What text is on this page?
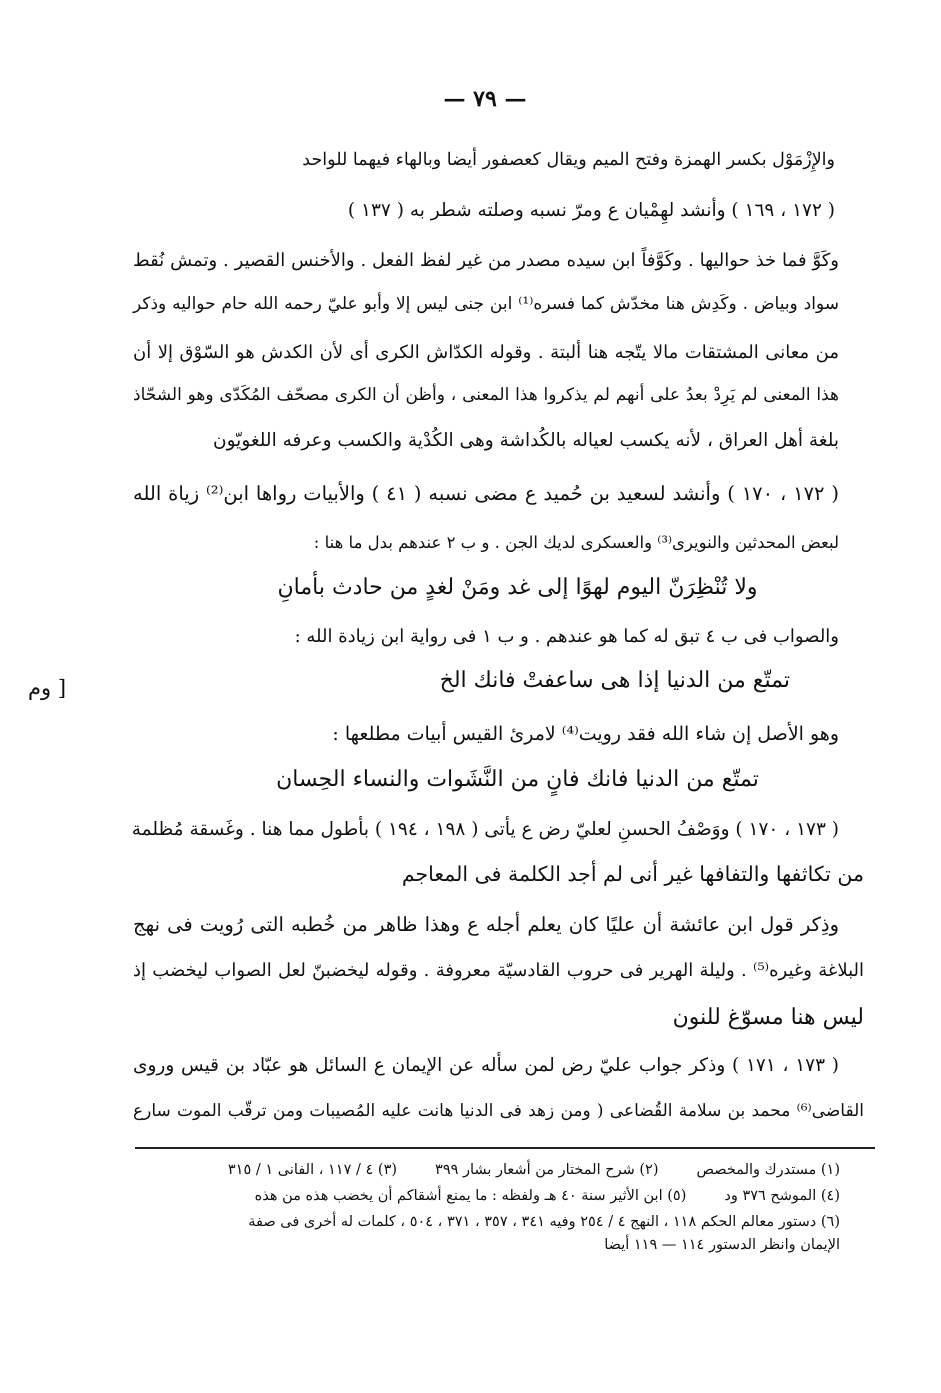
— ٧٩ —
والإِزْمَوْل بكسر الهمزة وفتح الميم ويقال كعصفور أيضا وبالهاء فيهما للواحد
( ١٧٢ ، ١٦٩ ) وأنشد لهِمْيان ع ومرّ نسبه وصلته شطر به ( ١٣٧ )
وكَوَّ فما خذ حواليها . وكَوَّفاً ابن سيده مصدر من غير لفظ الفعل . والأخنس القصير . وتمش نُقط
سواد وبياض . وكَدِش هنا مخدّش كما فسره⁽¹⁾ ابن جنى ليس إلا وأبو عليّ رحمه الله حام حواليه وذكر
من معانى المشتقات مالا يتّجه هنا ألبتة . وقوله الكدّاش الكرى أى لأن الكدش هو السّوْق إلا أن
هذا المعنى لم يَرِدْ بعدُ على أنهم لم يذكروا هذا المعنى ، وأظن أن الكرى مصحّف المُكَدّى وهو الشحّاذ
بلغة أهل العراق ، لأنه يكسب لعياله بالكُداشة وهى الكُدْية والكسب وعرفه اللغويّون
( ١٧٢ ، ١٧٠ ) وأنشد لسعيد بن حُميد ع مضى نسبه ( ٤١ ) والأبيات رواها ابن⁽²⁾ زياة الله
لبعض المحدثين والنويرى⁽³⁾ والعسكرى لديك الجن . و ب ٢ عندهم بدل ما هنا :
ولا تُنْظِرَنّ اليوم لهوًا إلى غد ومَنْ لغدٍ من حادث بأمانِ
والصواب فى ب ٤ تبق له كما هو عندهم . و ب ١ فى رواية ابن زيادة الله :
تمتّع من الدنيا إذا هى ساعفتْ فانك الخ
وهو الأصل إن شاء الله فقد رويت⁽⁴⁾ لامرئ القيس أبيات مطلعها :
تمتّع من الدنيا فانك فانٍ من النَّشَوات والنساء الحِسان
( ١٧٣ ، ١٧٠ ) ووَصْفُ الحسنِ لعليّ رض ع يأتى ( ١٩٨ ، ١٩٤ ) بأطول مما هنا . وغَسقة مُظلمة
من تكاثفها والتفافها غير أنى لم أجد الكلمة فى المعاجم
وذِكر قول ابن عائشة أن عليًا كان يعلم أجله ع وهذا ظاهر من خُطبه التى رُويت فى نهج
البلاغة وغيره⁽⁵⁾ . وليلة الهرير فى حروب القادسيّة معروفة . وقوله ليخضبنّ لعل الصواب ليخضب إذ
ليس هنا مسوّغ للنون
( ١٧٣ ، ١٧١ ) وذكر جواب عليّ رض لمن سأله عن الإيمان ع السائل هو عبّاد بن قيس وروى
القاضى⁽⁶⁾ محمد بن سلامة القُضاعى ( ومن زهد فى الدنيا هانت عليه المُصيبات ومن ترقّب الموت سارع
[ وم
(١) مستدرك والمخصص
(٢) شرح المختار من أشعار بشار ٣٩٩
(٣) ٤ / ١١٧ ، الفانى ١ / ٣١٥
(٤) الموشح ٣٧٦ ود
(٥) ابن الأثير سنة ٤٠ هـ ولفظه : ما يمنع أشقاكم أن يخضب هذه من هذه
(٦) دستور معالم الحكم ١١٨ ، النهج ٤ / ٢٥٤ وفيه ٣٤١ ، ٣٥٧ ، ٣٧١ ، ٥٠٤ ، كلمات له أخرى فى صفة
الإيمان وانظر الدستور ١١٤ — ١١٩ أيضا
